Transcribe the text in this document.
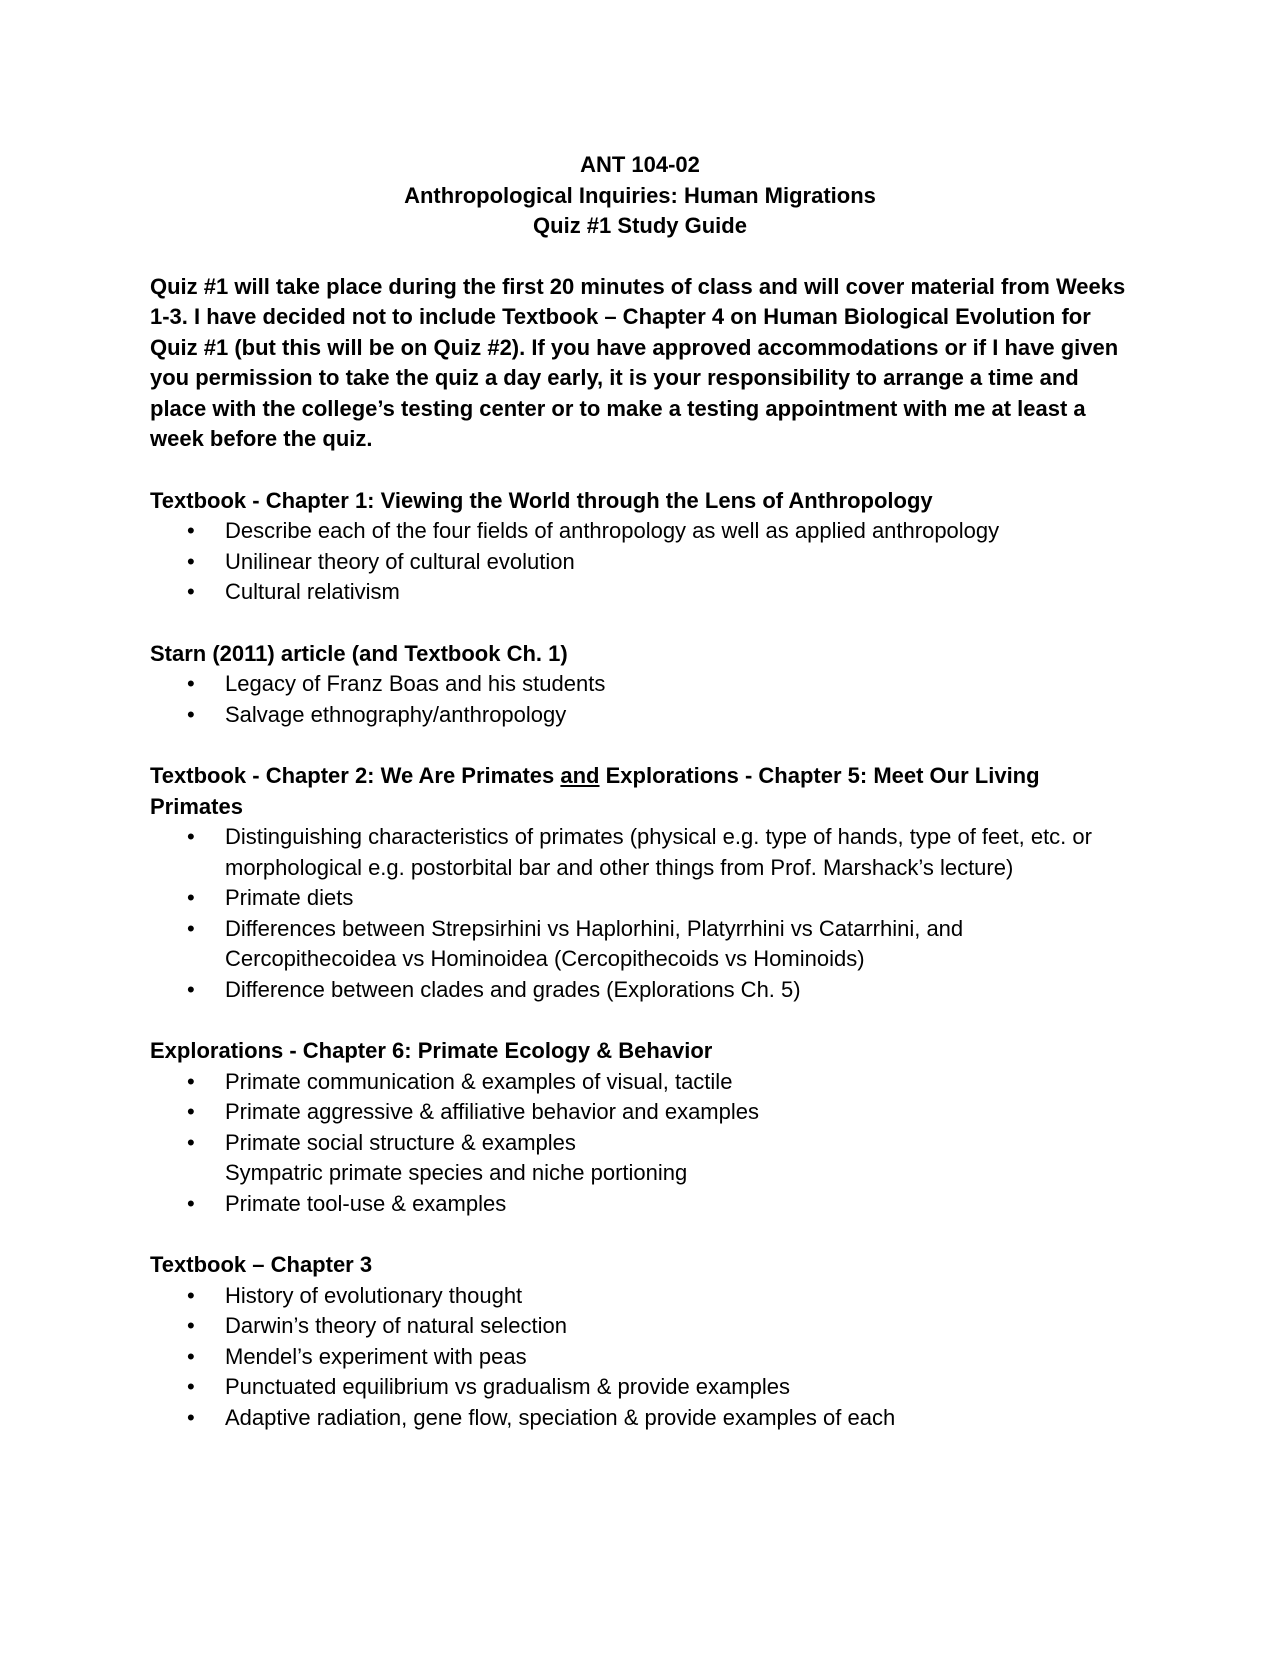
ANT 104-02
Anthropological Inquiries: Human Migrations
Quiz #1 Study Guide
Quiz #1 will take place during the first 20 minutes of class and will cover material from Weeks 1-3. I have decided not to include Textbook – Chapter 4 on Human Biological Evolution for Quiz #1 (but this will be on Quiz #2). If you have approved accommodations or if I have given you permission to take the quiz a day early, it is your responsibility to arrange a time and place with the college’s testing center or to make a testing appointment with me at least a week before the quiz.
Textbook - Chapter 1: Viewing the World through the Lens of Anthropology
• Describe each of the four fields of anthropology as well as applied anthropology
• Unilinear theory of cultural evolution
• Cultural relativism
Starn (2011) article (and Textbook Ch. 1)
• Legacy of Franz Boas and his students
• Salvage ethnography/anthropology
Textbook - Chapter 2: We Are Primates and Explorations - Chapter 5: Meet Our Living Primates
• Distinguishing characteristics of primates (physical e.g. type of hands, type of feet, etc. or morphological e.g. postorbital bar and other things from Prof. Marshack’s lecture)
• Primate diets
• Differences between Strepsirhini vs Haplorhini, Platyrrhini vs Catarrhini, and Cercopithecoidea vs Hominoidea (Cercopithecoids vs Hominoids)
• Difference between clades and grades (Explorations Ch. 5)
Explorations - Chapter 6: Primate Ecology & Behavior
• Primate communication & examples of visual, tactile
• Primate aggressive & affiliative behavior and examples
• Primate social structure & examples
Sympatric primate species and niche portioning
• Primate tool-use & examples
Textbook – Chapter 3
• History of evolutionary thought
• Darwin’s theory of natural selection
• Mendel’s experiment with peas
• Punctuated equilibrium vs gradualism & provide examples
• Adaptive radiation, gene flow, speciation & provide examples of each
